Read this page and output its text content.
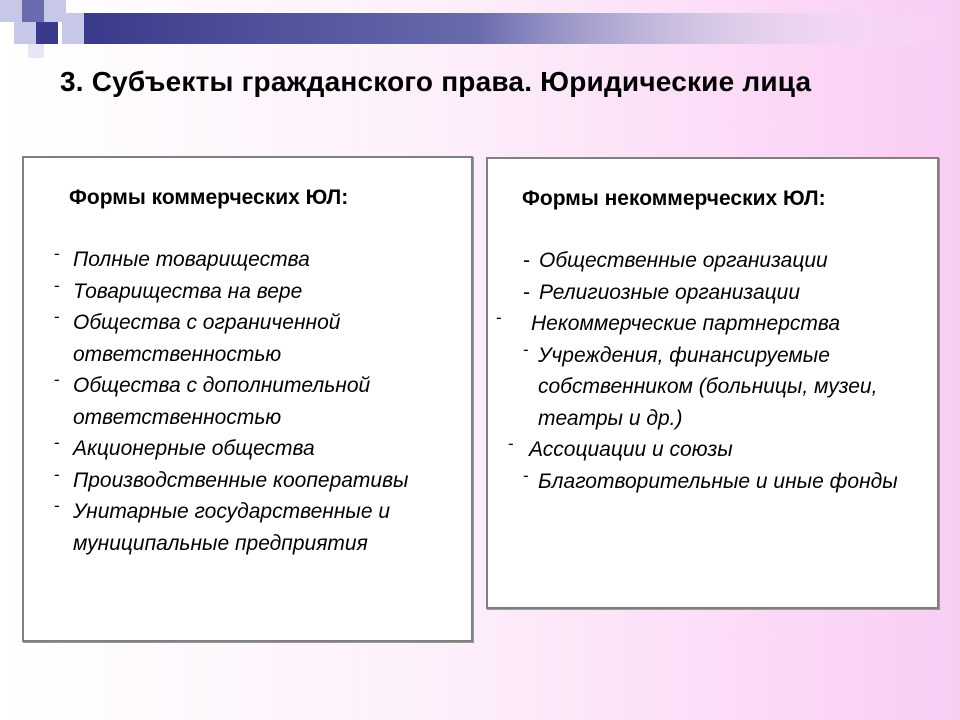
3. Субъекты гражданского права. Юридические лица
Формы коммерческих ЮЛ:
- Полные товарищества
- Товарищества на вере
- Общества с ограниченной ответственностью
- Общества с дополнительной ответственностью
- Акционерные общества
- Производственные кооперативы
- Унитарные государственные и муниципальные предприятия
Формы некоммерческих ЮЛ:
- Общественные организации
- Религиозные организации
-	Некоммерческие партнерства
- Учреждения, финансируемые собственником (больницы, музеи, театры и др.)
- Ассоциации и союзы
- Благотворительные и иные фонды
